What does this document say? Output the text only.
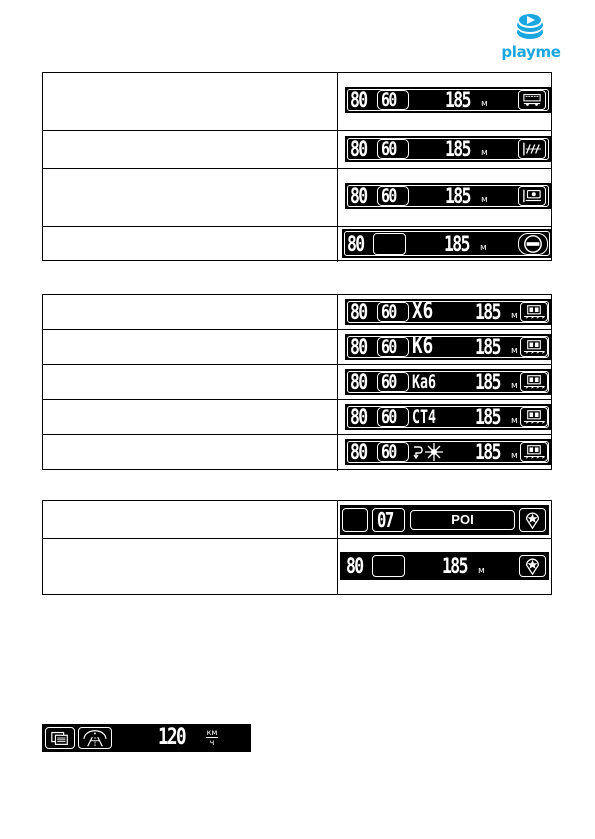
playme
80 60 185 м
80 60 185 м
80 60 185 м
80	185 м
80 60 Х6 185 м
80 60 К6 185 м
80 60 Ка6 185 м
80 60 СТ4 185 м
80 60	185 м
07	POI
80	185 м
120	км
ч
